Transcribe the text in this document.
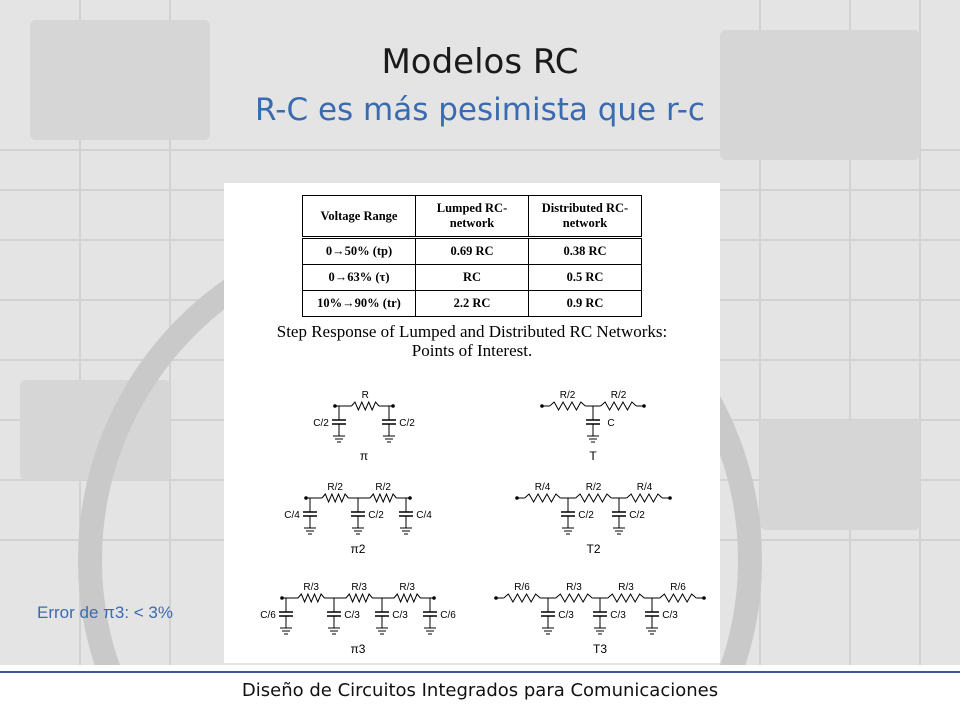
Modelos RC
R-C es más pesimista que r-c
Voltage Range	Lumped RC-network	Distributed RC-network
0→50% (tp)	0.69 RC	0.38 RC
0→63% (τ)	RC	0.5 RC
10%→90% (tr)	2.2 RC	0.9 RC
Step Response of Lumped and Distributed RC Networks:
Points of Interest.
R
C/2	C/2
π
R/2	R/2
C
T
R/2	R/2
C/4	C/2	C/4
π2
R/4	R/2	R/4
C/2	C/2
T2
R/3	R/3	R/3
C/6	C/3	C/3	C/6
π3
R/6	R/3	R/3	R/6
C/3	C/3	C/3
T3
Error de π3: < 3%
Diseño de Circuitos Integrados para Comunicaciones
